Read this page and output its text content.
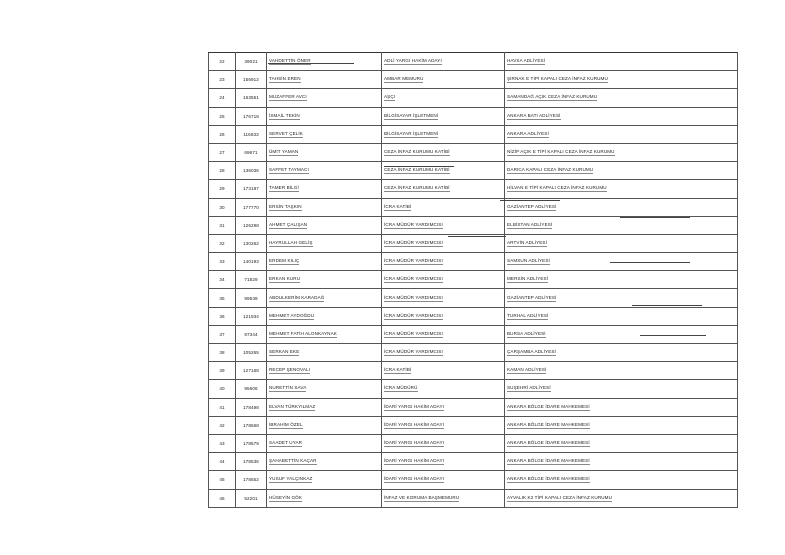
22	39021	VAHDETTİN ÖNER	ADLİ YARGI HAKİM ADAYI	HAVSA ADLİYESİ
23	156912	TAHSİN EREN	AMBAR MEMURU	ŞIRNAK E TİPİ KAPALI CEZA İNFAZ KURUMU
24	163551	MUZAFFER AVCI	AŞÇI	SAMANDAĞ AÇIK CEZA İNFAZ KURUMU
25	176718	İSMAİL TEKİN	BİLGİSAYAR İŞLETMENİ	ANKARA BATI ADLİYESİ
26	116633	SERVET ÇELİK	BİLGİSAYAR İŞLETMENİ	ANKARA ADLİYESİ
27	69671	ÜMİT YAMAN	CEZA İNFAZ KURUMU KATİBİ	NİZİP AÇIK E TİPİ KAPALI CEZA İNFAZ KURUMU
28	136036	SAFFET TAYMACI	CEZA İNFAZ KURUMU KATİBİ	DARICA KAPALI CEZA İNFAZ KURUMU
29	173187	TAMER BİLGİ	CEZA İNFAZ KURUMU KATİBİ	HİLVAN E TİPİ KAPALI CEZA İNFAZ KURUMU
30	177770	ERSİN TAŞKIN	İCRA KATİBİ	GAZİANTEP ADLİYESİ
31	126298	AHMET ÇALIŞAN	İCRA MÜDÜR YARDIMCISI	ELBİSTAN ADLİYESİ
32	130262	HAYRULLAH GELİŞ	İCRA MÜDÜR YARDIMCISI	ARTVİN ADLİYESİ
33	140193	ERDEM KILIÇ	İCRA MÜDÜR YARDIMCISI	SAMSUN ADLİYESİ
34	71829	ERKAN KURU	İCRA MÜDÜR YARDIMCISI	MERSİN ADLİYESİ
35	99539	ABDULKERİM KARADAĞ	İCRA MÜDÜR YARDIMCISI	GAZİANTEP ADLİYESİ
36	121934	MEHMET AYDOĞDU	İCRA MÜDÜR YARDIMCISI	TURHAL ADLİYESİ
37	97344	MEHMET FATİH ALONKAYNAK	İCRA MÜDÜR YARDIMCISI	BURSA ADLİYESİ
38	105265	SERKAN EKE	İCRA MÜDÜR YARDIMCISI	ÇARŞAMBA ADLİYESİ
39	127168	RECEP ŞENOVALI	İCRA KATİBİ	KAMAN ADLİYESİ
40	95606	NURETTİN SAVA	İCRA MÜDÜRÜ	SUŞEHRİ ADLİYESİ
41	178498	ELVAN TÜRKYILMAZ	İDARİ YARGI HAKİM ADAYI	ANKARA BÖLGE İDARE MAHKEMESİ
42	178568	İBRAHİM ÖZEL	İDARİ YARGI HAKİM ADAYI	ANKARA BÖLGE İDARE MAHKEMESİ
43	178579	SAADET UYAR	İDARİ YARGI HAKİM ADAYI	ANKARA BÖLGE İDARE MAHKEMESİ
44	178536	ŞAHABETTİN KAÇAR	İDARİ YARGI HAKİM ADAYI	ANKARA BÖLGE İDARE MAHKEMESİ
45	178552	YUSUF YALÇINKAZ	İDARİ YARGI HAKİM ADAYI	ANKARA BÖLGE İDARE MAHKEMESİ
46	52201	HÜSEYİN GÖK	İNFAZ VE KORUMA BAŞMEMURU	AYVALIK K2 TİPİ KAPALI CEZA İNFAZ KURUMU
